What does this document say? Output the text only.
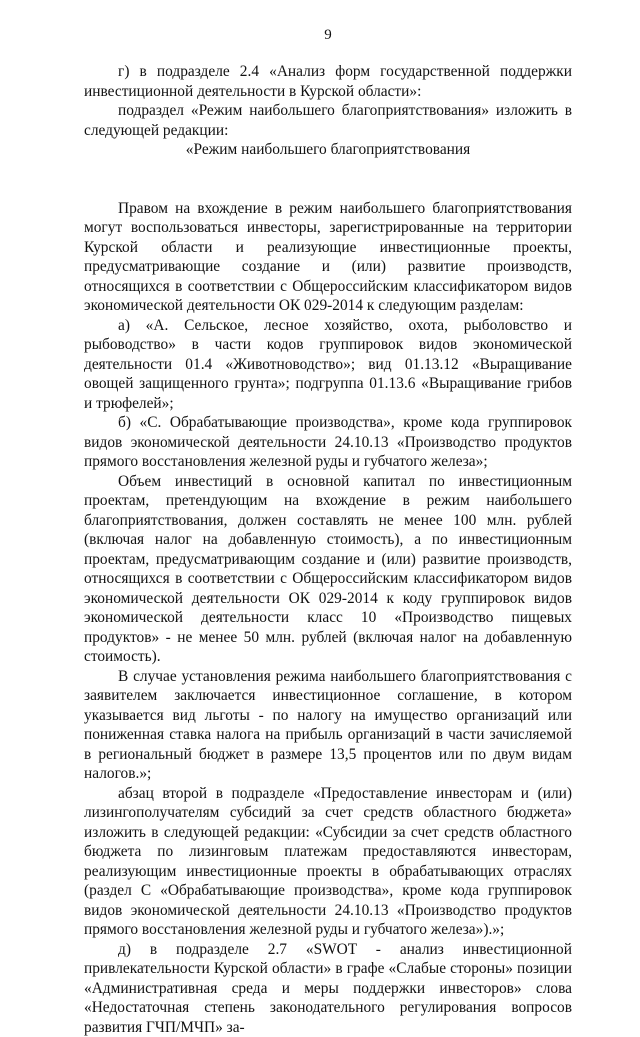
9

г) в подразделе 2.4 «Анализ форм государственной поддержки инвестиционной деятельности в Курской области»:

подраздел «Режим наибольшего благоприятствования» изложить в следующей редакции:

«Режим наибольшего благоприятствования

Правом на вхождение в режим наибольшего благоприятствования могут воспользоваться инвесторы, зарегистрированные на территории Курской области и реализующие инвестиционные проекты, предусматривающие создание и (или) развитие производств, относящихся в соответствии с Общероссийским классификатором видов экономической деятельности ОК 029-2014 к следующим разделам:

а) «А. Сельское, лесное хозяйство, охота, рыболовство и рыбоводство» в части кодов группировок видов экономической деятельности 01.4 «Животноводство»; вид 01.13.12 «Выращивание овощей защищенного грунта»; подгруппа 01.13.6 «Выращивание грибов и трюфелей»;

б) «С. Обрабатывающие производства», кроме кода группировок видов экономической деятельности 24.10.13 «Производство продуктов прямого восстановления железной руды и губчатого железа»;

Объем инвестиций в основной капитал по инвестиционным проектам, претендующим на вхождение в режим наибольшего благоприятствования, должен составлять не менее 100 млн. рублей (включая налог на добавленную стоимость), а по инвестиционным проектам, предусматривающим создание и (или) развитие производств, относящихся в соответствии с Общероссийским классификатором видов экономической деятельности ОК 029-2014 к коду группировок видов экономической деятельности класс 10 «Производство пищевых продуктов» - не менее 50 млн. рублей (включая налог на добавленную стоимость).

В случае установления режима наибольшего благоприятствования с заявителем заключается инвестиционное соглашение, в котором указывается вид льготы - по налогу на имущество организаций или пониженная ставка налога на прибыль организаций в части зачисляемой в региональный бюджет в размере 13,5 процентов или по двум видам налогов.»;

абзац второй в подразделе «Предоставление инвесторам и (или) лизингополучателям субсидий за счет средств областного бюджета» изложить в следующей редакции: «Субсидии за счет средств областного бюджета по лизинговым платежам предоставляются инвесторам, реализующим инвестиционные проекты в обрабатывающих отраслях (раздел С «Обрабатывающие производства», кроме кода группировок видов экономической деятельности 24.10.13 «Производство продуктов прямого восстановления железной руды и губчатого железа»).»;

д) в подразделе 2.7 «SWOT - анализ инвестиционной привлекательности Курской области» в графе «Слабые стороны» позиции «Административная среда и меры поддержки инвесторов» слова «Недостаточная степень законодательного регулирования вопросов развития ГЧП/МЧП» за-
